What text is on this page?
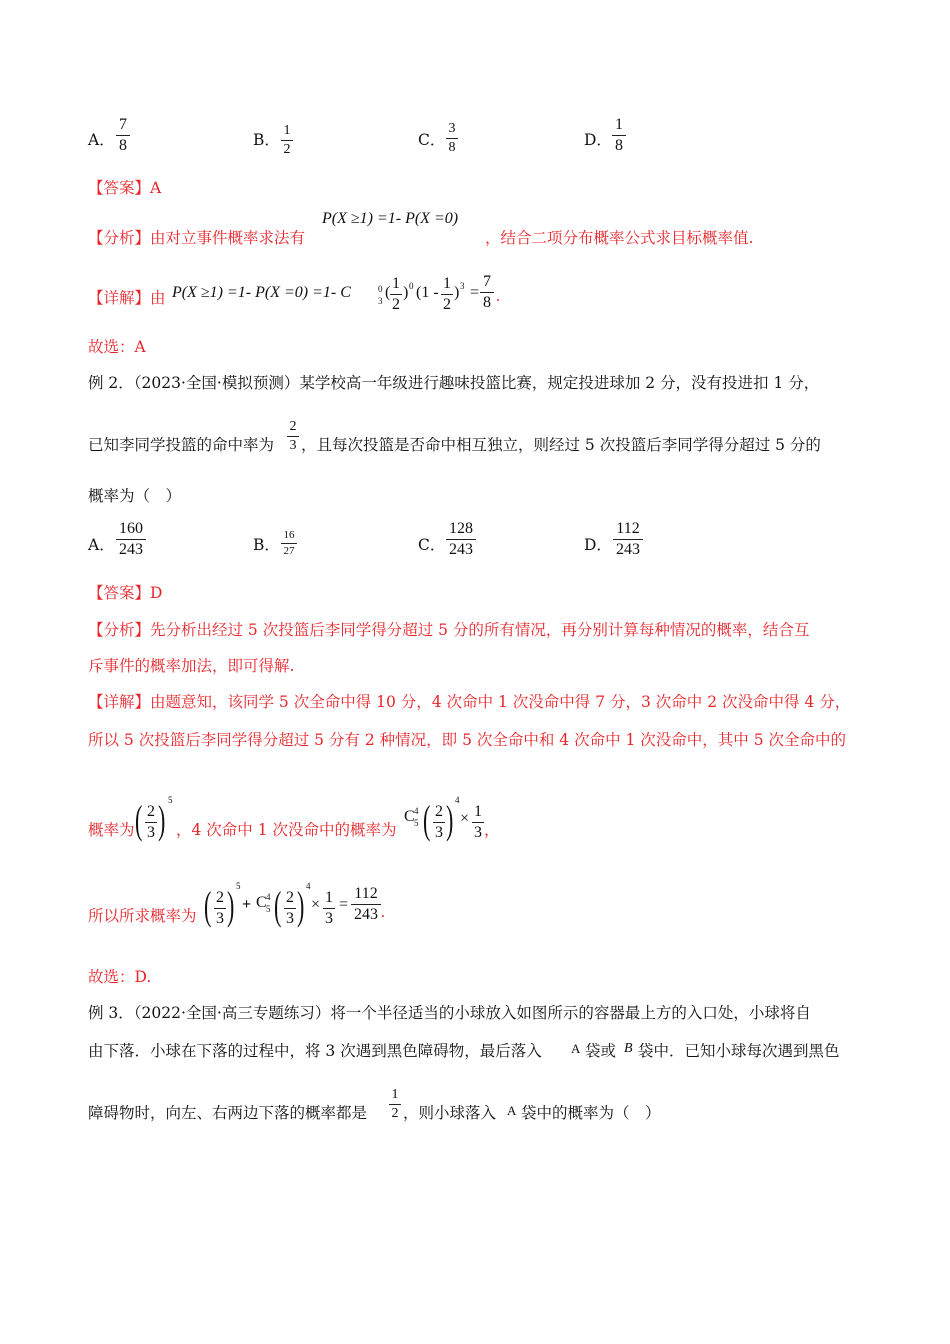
A．
7
8	B．
1
2
C．
3
8	D．
1
8
【答案】A
【分析】由对立事件概率求法有
P(X ≥1) =1- P(X =0)
，结合二项分布概率公式求目标概率值.
【详解】由 P(X ≥1) =1- P(X =0) =1- C	0
3 (
1
2
) 0 (1 -
1
2
) 3 =
7
8 .
故选：A
例 2．（2023·全国·模拟预测）某学校高一年级进行趣味投篮比赛，规定投进球加 2 分，没有投进扣 1 分，
已知李同学投篮的命中率为
2
3 ，且每次投篮是否命中相互独立，则经过 5 次投篮后李同学得分超过 5 分的
概率为（　）
A．
160
243	B．
16
27	C．
128
243	D．
112
243
【答案】D
【分析】先分析出经过 5 次投篮后李同学得分超过 5 分的所有情况，再分别计算每种情况的概率，结合互
斥事件的概率加法，即可得解.
【详解】由题意知，该同学 5 次全命中得 10 分，4 次命中 1 次没命中得 7 分，3 次命中 2 次没命中得 4 分，
所以 5 次投篮后李同学得分超过 5 分有 2 种情况，即 5 次全命中和 4 次命中 1 次没命中，其中 5 次全命中的
概率为 ( 2
3 ) 5
，4 次命中 1 次没命中的概率为
C 4
5 ( 2
3 ) 4
× 1
3 ，
所以所求概率为 ( 2
3 ) 5
+ C 4
5 ( 2
3 ) 4
× 1
3
=
112
243 .
故选：D.
例 3．（2022·全国·高三专题练习）将一个半径适当的小球放入如图所示的容器最上方的入口处，小球将自
由下落．小球在下落的过程中，将 3 次遇到黑色障碍物，最后落入 A 袋或 B 袋中．已知小球每次遇到黑色
障碍物时，向左、右两边下落的概率都是
1
2 ，则小球落入 A 袋中的概率为（　）
